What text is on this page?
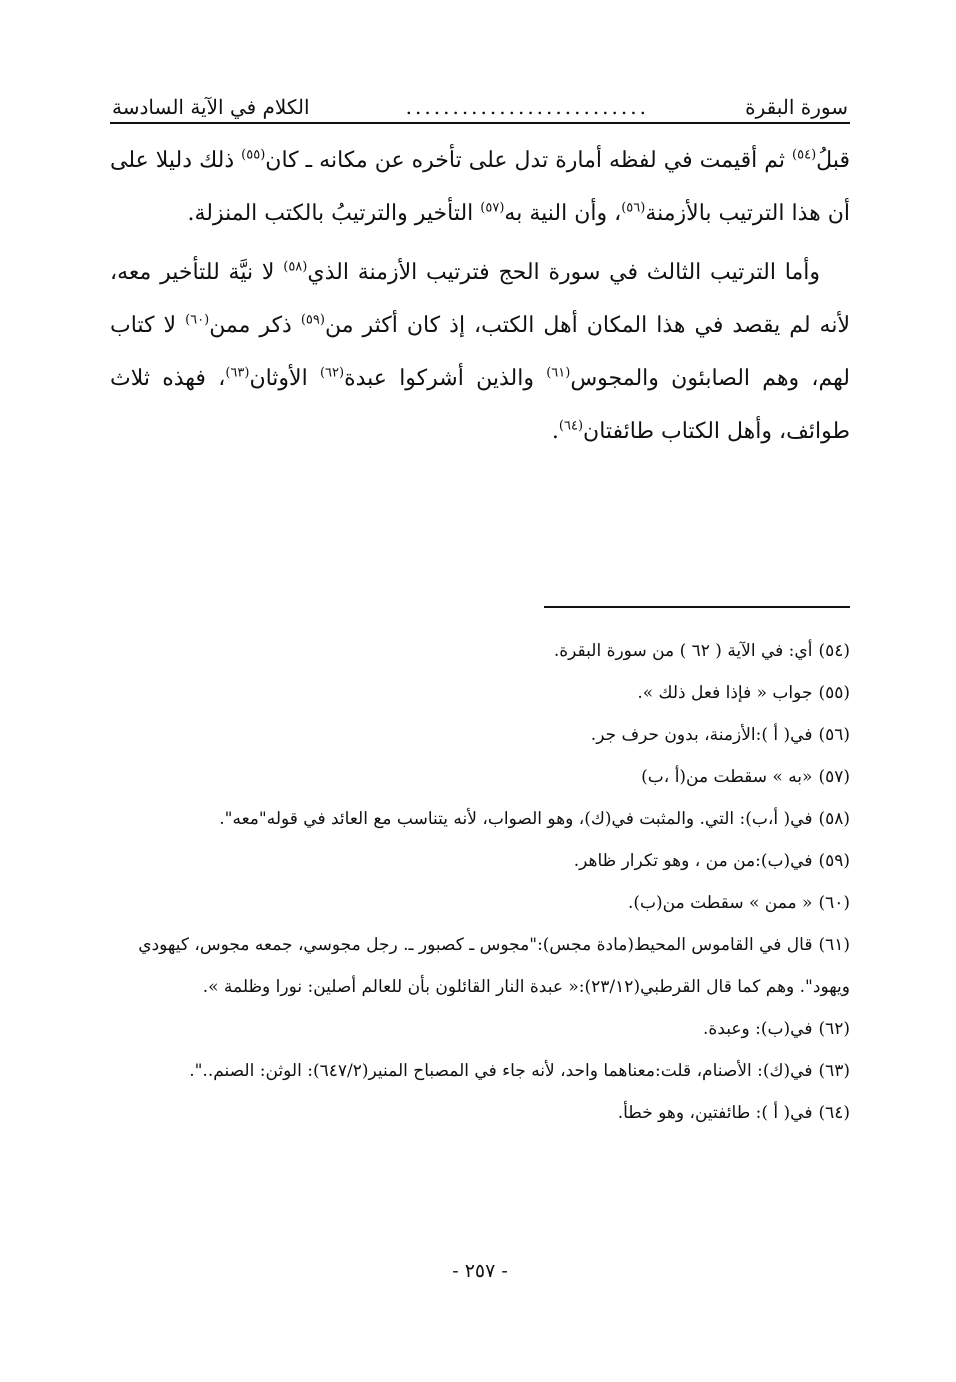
سورة البقرة
..........................
الكلام في الآية السادسة

قبلُ$^{(٥٤)}$ ثم أقيمت في لفظه أمارة تدل على تأخره عن مكانه ـ كان$^{(٥٥)}$ ذلك دليلا على أن هذا الترتيب بالأزمنة$^{(٥٦)}$، وأن النية به$^{(٥٧)}$ التأخير والترتيبُ بالكتب المنزلة.

وأما الترتيب الثالث في سورة الحج فترتيب الأزمنة الذي$^{(٥٨)}$ لا نيَّة للتأخير معه، لأنه لم يقصد في هذا المكان أهل الكتب، إذ كان أكثر من$^{(٥٩)}$ ذكر ممن$^{(٦٠)}$ لا كتاب لهم، وهم الصابئون والمجوس$^{(٦١)}$ والذين أشركوا عبدة$^{(٦٢)}$ الأوثان$^{(٦٣)}$، فهذه ثلاث طوائف، وأهل الكتاب طائفتان$^{(٦٤)}$.

(٥٤)أي: في الآية ( ٦٢ ) من سورة البقرة.
(٥٥)جواب « فإذا فعل ذلك ».
(٥٦)في( أ ):الأزمنة، بدون حرف جر.
(٥٧)«به » سقطت من(أ ،ب)
(٥٨)في( أ،ب): التي. والمثبت في(ك)، وهو الصواب، لأنه يتناسب مع العائد في قوله"معه".
(٥٩)في(ب):من من ، وهو تكرار ظاهر.
(٦٠)« ممن » سقطت من(ب).
(٦١)قال في القاموس المحيط(مادة مجس):"مجوس ـ كصبور ـ. رجل مجوسي، جمعه مجوس، كيهودي ويهود". وهم كما قال القرطبي(٢٣/١٢):« عبدة النار القائلون بأن للعالم أصلين: نورا وظلمة ».
(٦٢)في(ب): وعبدة.
(٦٣)في(ك): الأصنام، قلت:معناهما واحد، لأنه جاء في المصباح المنير(٦٤٧/٢): الوثن: الصنم..".
(٦٤)في( أ ): طائفتين، وهو خطأ.
- ٢٥٧ -
